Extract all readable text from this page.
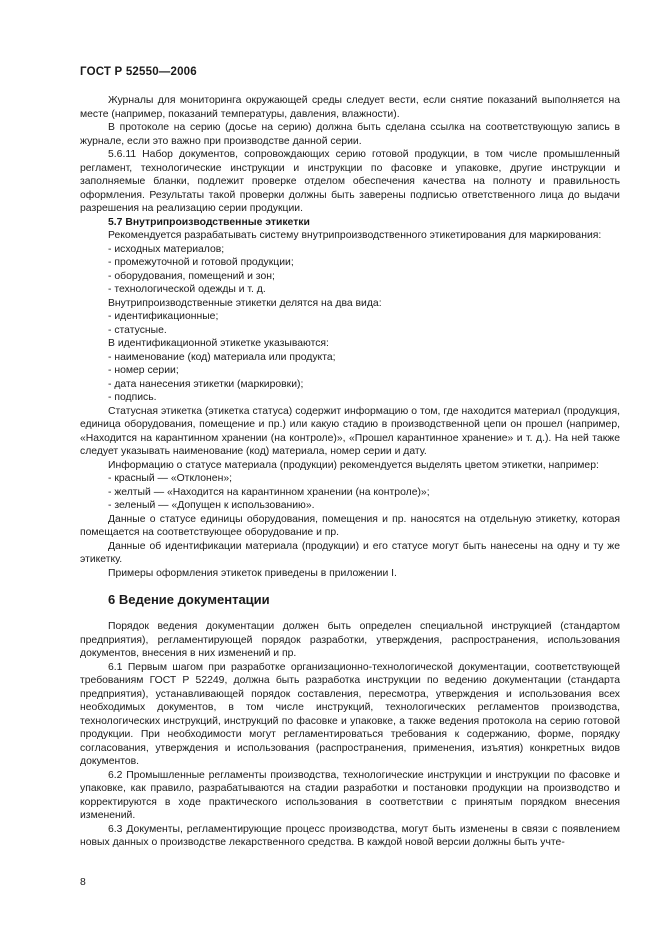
ГОСТ Р 52550—2006

Журналы для мониторинга окружающей среды следует вести, если снятие показаний выполняется на месте (например, показаний температуры, давления, влажности).

В протоколе на серию (досье на серию) должна быть сделана ссылка на соответствующую запись в журнале, если это важно при производстве данной серии.

5.6.11 Набор документов, сопровождающих серию готовой продукции, в том числе промышленный регламент, технологические инструкции и инструкции по фасовке и упаковке, другие инструкции и заполняемые бланки, подлежит проверке отделом обеспечения качества на полноту и правильность оформления. Результаты такой проверки должны быть заверены подписью ответственного лица до выдачи разрешения на реализацию серии продукции.

5.7 Внутрипроизводственные этикетки

Рекомендуется разрабатывать систему внутрипроизводственного этикетирования для маркирования:

- исходных материалов;

- промежуточной и готовой продукции;

- оборудования, помещений и зон;

- технологической одежды и т. д.

Внутрипроизводственные этикетки делятся на два вида:

- идентификационные;

- статусные.

В идентификационной этикетке указываются:

- наименование (код) материала или продукта;

- номер серии;

- дата нанесения этикетки (маркировки);

- подпись.

Статусная этикетка (этикетка статуса) содержит информацию о том, где находится материал (продукция, единица оборудования, помещение и пр.) или какую стадию в производственной цепи он прошел (например, «Находится на карантинном хранении (на контроле)», «Прошел карантинное хранение» и т. д.). На ней также следует указывать наименование (код) материала, номер серии и дату.

Информацию о статусе материала (продукции) рекомендуется выделять цветом этикетки, например:

- красный — «Отклонен»;

- желтый — «Находится на карантинном хранении (на контроле)»;

- зеленый — «Допущен к использованию».

Данные о статусе единицы оборудования, помещения и пр. наносятся на отдельную этикетку, которая помещается на соответствующее оборудование и пр.

Данные об идентификации материала (продукции) и его статусе могут быть нанесены на одну и ту же этикетку.

Примеры оформления этикеток приведены в приложении I.

6 Ведение документации

Порядок ведения документации должен быть определен специальной инструкцией (стандартом предприятия), регламентирующей порядок разработки, утверждения, распространения, использования документов, внесения в них изменений и пр.

6.1 Первым шагом при разработке организационно-технологической документации, соответствующей требованиям ГОСТ Р 52249, должна быть разработка инструкции по ведению документации (стандарта предприятия), устанавливающей порядок составления, пересмотра, утверждения и использования всех необходимых документов, в том числе инструкций, технологических регламентов производства, технологических инструкций, инструкций по фасовке и упаковке, а также ведения протокола на серию готовой продукции. При необходимости могут регламентироваться требования к содержанию, форме, порядку согласования, утверждения и использования (распространения, применения, изъятия) конкретных видов документов.

6.2 Промышленные регламенты производства, технологические инструкции и инструкции по фасовке и упаковке, как правило, разрабатываются на стадии разработки и постановки продукции на производство и корректируются в ходе практического использования в соответствии с принятым порядком внесения изменений.

6.3 Документы, регламентирующие процесс производства, могут быть изменены в связи с появлением новых данных о производстве лекарственного средства. В каждой новой версии должны быть учте-

8
